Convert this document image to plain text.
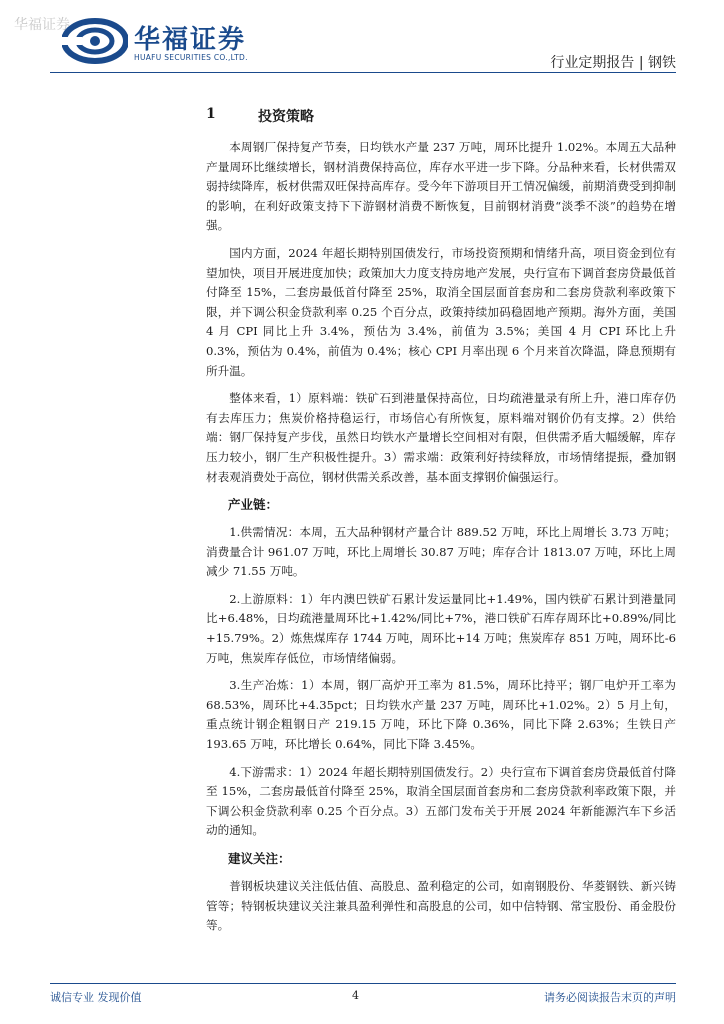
华福证券 华福证券
HUAFU SECURITIES CO.,LTD.	行业定期报告 | 钢铁
1	投资策略

本周钢厂保持复产节奏，日均铁水产量 237 万吨，周环比提升 1.02%。本周五大品种产量周环比继续增长，钢材消费保持高位，库存水平进一步下降。分品种来看，长材供需双弱持续降库，板材供需双旺保持高库存。受今年下游项目开工情况偏缓，前期消费受到抑制的影响，在利好政策支持下下游钢材消费不断恢复，目前钢材消费“淡季不淡”的趋势在增强。

国内方面，2024 年超长期特别国债发行，市场投资预期和情绪升高，项目资金到位有望加快，项目开展进度加快；政策加大力度支持房地产发展，央行宣布下调首套房贷最低首付降至 15%，二套房最低首付降至 25%，取消全国层面首套房和二套房贷款利率政策下限，并下调公积金贷款利率 0.25 个百分点，政策持续加码稳固地产预期。海外方面，美国 4 月 CPI 同比上升 3.4%，预估为 3.4%，前值为 3.5%；美国 4 月 CPI 环比上升 0.3%，预估为 0.4%，前值为 0.4%；核心 CPI 月率出现 6 个月来首次降温，降息预期有所升温。

整体来看，1）原料端：铁矿石到港量保持高位，日均疏港量录有所上升，港口库存仍有去库压力；焦炭价格持稳运行，市场信心有所恢复，原料端对钢价仍有支撑。2）供给端：钢厂保持复产步伐，虽然日均铁水产量增长空间相对有限，但供需矛盾大幅缓解，库存压力较小，钢厂生产积极性提升。3）需求端：政策利好持续释放，市场情绪提振，叠加钢材表观消费处于高位，钢材供需关系改善，基本面支撑钢价偏强运行。

产业链：

1.供需情况：本周，五大品种钢材产量合计 889.52 万吨，环比上周增长 3.73 万吨；消费量合计 961.07 万吨，环比上周增长 30.87 万吨；库存合计 1813.07 万吨，环比上周减少 71.55 万吨。

2.上游原料：1）年内澳巴铁矿石累计发运量同比+1.49%，国内铁矿石累计到港量同比+6.48%，日均疏港量周环比+1.42%/同比+7%，港口铁矿石库存周环比+0.89%/同比+15.79%。2）炼焦煤库存 1744 万吨，周环比+14 万吨；焦炭库存 851 万吨，周环比-6 万吨，焦炭库存低位，市场情绪偏弱。

3.生产冶炼：1）本周，钢厂高炉开工率为 81.5%，周环比持平；钢厂电炉开工率为 68.53%，周环比+4.35pct；日均铁水产量 237 万吨，周环比+1.02%。2）5 月上旬，重点统计钢企粗钢日产 219.15 万吨，环比下降 0.36%，同比下降 2.63%；生铁日产 193.65 万吨，环比增长 0.64%，同比下降 3.45%。

4.下游需求：1）2024 年超长期特别国债发行。2）央行宣布下调首套房贷最低首付降至 15%，二套房最低首付降至 25%，取消全国层面首套房和二套房贷款利率政策下限，并下调公积金贷款利率 0.25 个百分点。3）五部门发布关于开展 2024 年新能源汽车下乡活动的通知。

建议关注：

普钢板块建议关注低估值、高股息、盈利稳定的公司，如南钢股份、华菱钢铁、新兴铸管等；特钢板块建议关注兼具盈利弹性和高股息的公司，如中信特钢、常宝股份、甬金股份等。

诚信专业 发现价值	4	请务必阅读报告末页的声明
